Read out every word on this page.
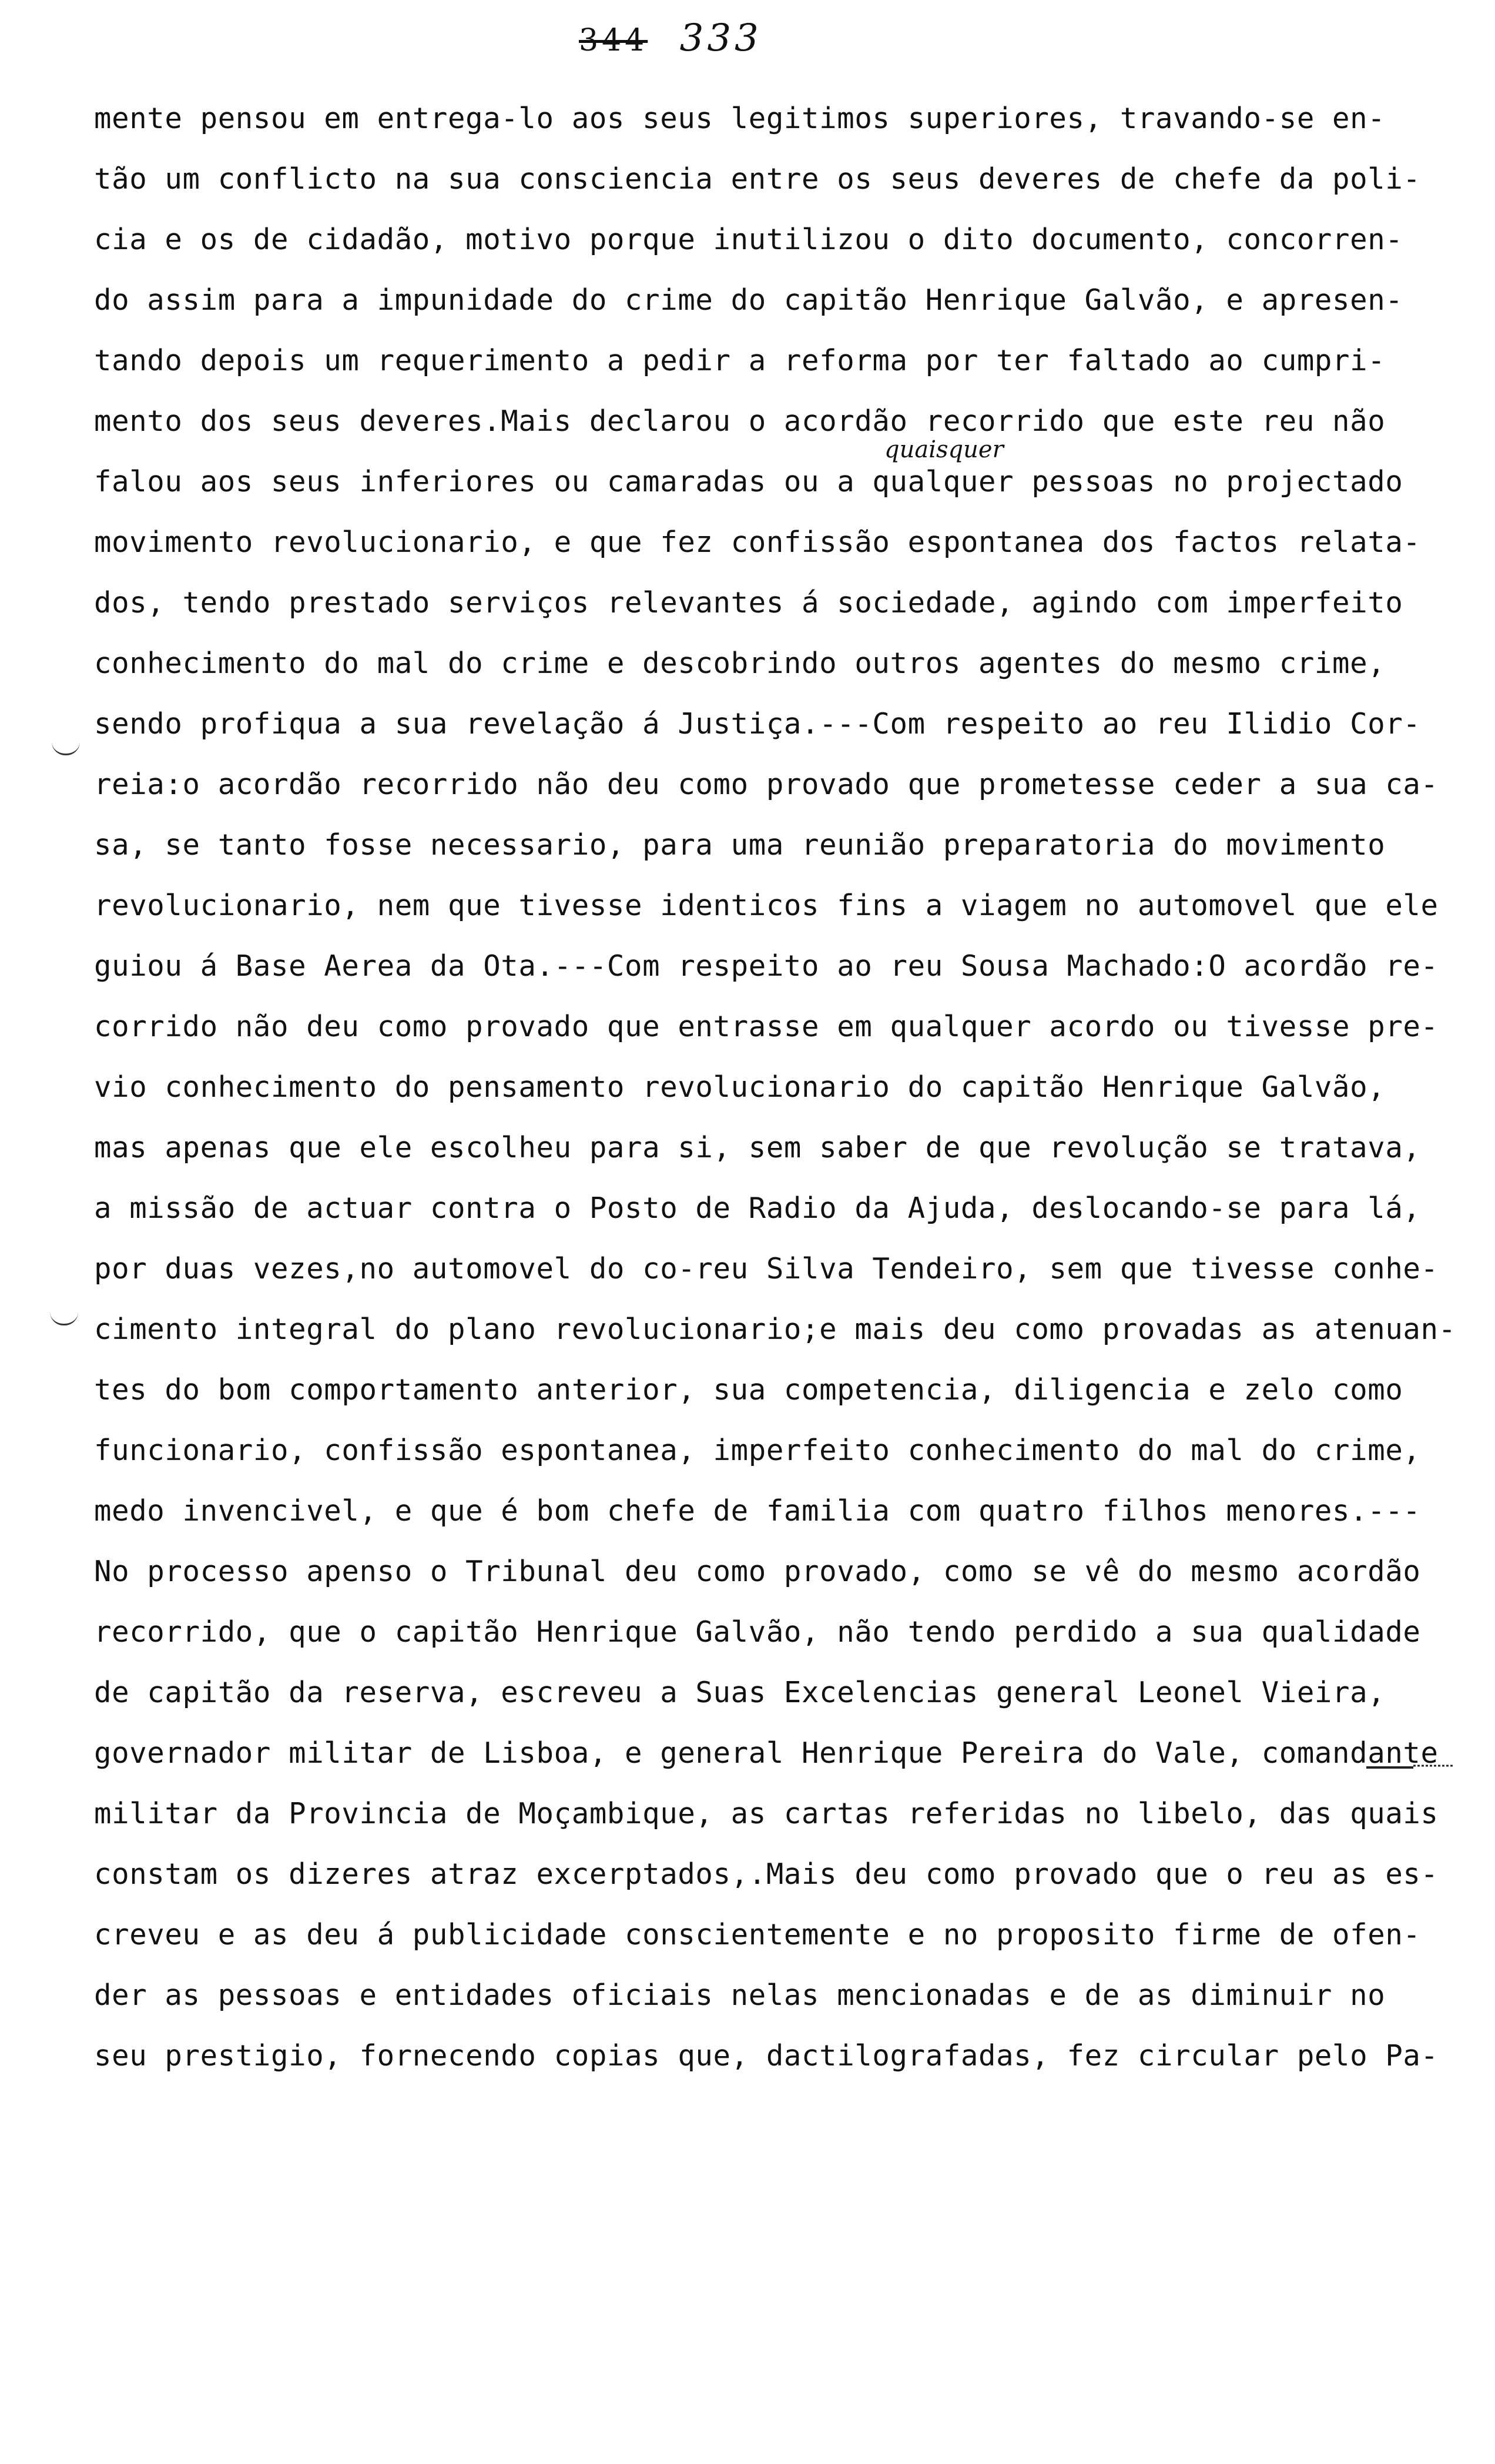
344 333
mente pensou em entrega-lo aos seus legitimos superiores, travando-se en-
tão um conflicto na sua consciencia entre os seus deveres de chefe da poli-
cia e os de cidadão, motivo porque inutilizou o dito documento, concorren-
do assim para a impunidade do crime do capitão Henrique Galvão, e apresen-
tando depois um requerimento a pedir a reforma por ter faltado ao cumpri-
mento dos seus deveres.Mais declarou o acordão recorrido que este reu não
falou aos seus inferiores ou camaradas ou a qualquer pessoas no projectado
movimento revolucionario, e que fez confissão espontanea dos factos relata-
dos, tendo prestado serviços relevantes á sociedade, agindo com imperfeito
conhecimento do mal do crime e descobrindo outros agentes do mesmo crime,
sendo profiqua a sua revelação á Justiça.---Com respeito ao reu Ilidio Cor-
reia:o acordão recorrido não deu como provado que prometesse ceder a sua ca-
sa, se tanto fosse necessario, para uma reunião preparatoria do movimento
revolucionario, nem que tivesse identicos fins a viagem no automovel que ele
guiou á Base Aerea da Ota.---Com respeito ao reu Sousa Machado:O acordão re-
corrido não deu como provado que entrasse em qualquer acordo ou tivesse pre-
vio conhecimento do pensamento revolucionario do capitão Henrique Galvão,
mas apenas que ele escolheu para si, sem saber de que revolução se tratava,
a missão de actuar contra o Posto de Radio da Ajuda, deslocando-se para lá,
por duas vezes,no automovel do co-reu Silva Tendeiro, sem que tivesse conhe-
cimento integral do plano revolucionario;e mais deu como provadas as atenuan-
tes do bom comportamento anterior, sua competencia, diligencia e zelo como
funcionario, confissão espontanea, imperfeito conhecimento do mal do crime,
medo invencivel, e que é bom chefe de familia com quatro filhos menores.---
No processo apenso o Tribunal deu como provado, como se vê do mesmo acordão
recorrido, que o capitão Henrique Galvão, não tendo perdido a sua qualidade
de capitão da reserva, escreveu a Suas Excelencias general Leonel Vieira,
governador militar de Lisboa, e general Henrique Pereira do Vale, comandante
militar da Provincia de Moçambique, as cartas referidas no libelo, das quais
constam os dizeres atraz excerptados,.Mais deu como provado que o reu as es-
creveu e as deu á publicidade conscientemente e no proposito firme de ofen-
der as pessoas e entidades oficiais nelas mencionadas e de as diminuir no
seu prestigio, fornecendo copias que, dactilografadas, fez circular pelo Pa-
quaisquer
